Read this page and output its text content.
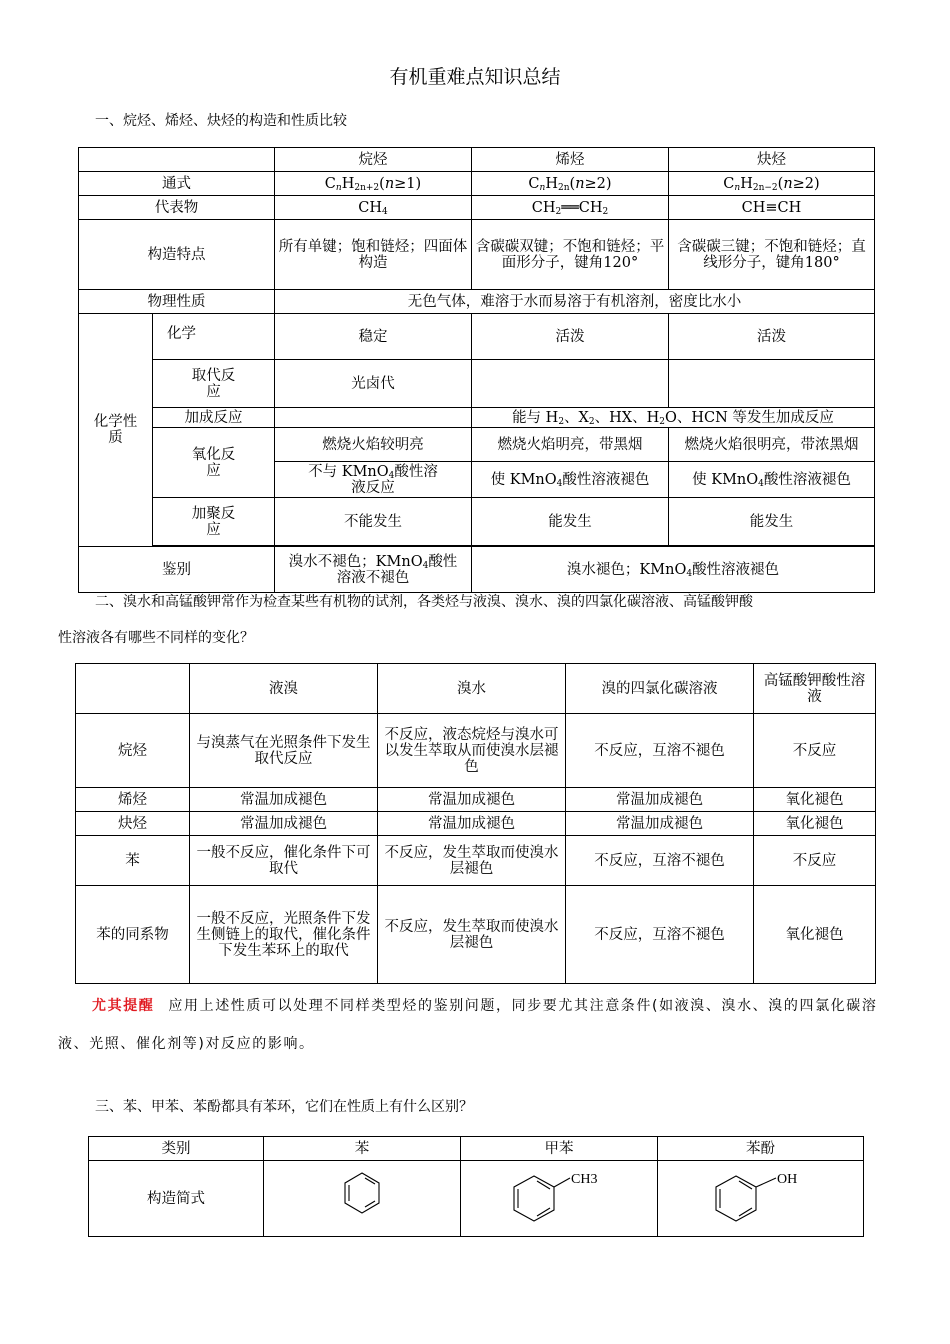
有机重难点知识总结
一、烷烃、烯烃、炔烃的构造和性质比较
		烷烃	烯烃	炔烃
通式		$C_nH_{2n+2}(n\ge 1)$	$C_nH_{2n}(n\ge 2)$	$C_nH_{2n-2}(n\ge 2)$
代表物		$CH_4$	$CH_2══CH_2$	CH≡CH
构造特点		所有单键；饱和链烃；四面体构造	含碳碳双键；不饱和链烃；平面形分子，键角120°	含碳碳三键；不饱和链烃；直线形分子，键角180°
物理性质		无色气体，难溶于水而易溶于有机溶剂，密度比水小		
化学性质	化学	稳定	活泼	活泼
	取代反应	光卤代		
	加成反应		能与 $H_2$、$X_2$、HX、$H_2O$、HCN 等发生加成反应	
	氧化反应	燃烧火焰较明亮	燃烧火焰明亮，带黑烟	燃烧火焰很明亮，带浓黑烟
		不与 KMnO$_4$酸性溶液反应	使 KMnO$_4$酸性溶液褪色	使 KMnO$_4$酸性溶液褪色
	加聚反应	不能发生	能发生	能发生

鉴别		溴水不褪色；KMnO$_4$酸性溶液不褪色	溴水褪色；KMnO$_4$酸性溶液褪色	
二、溴水和高锰酸钾常作为检查某些有机物的试剂，各类烃与液溴、溴水、溴的四氯化碳溶液、高锰酸钾酸
性溶液各有哪些不同样的变化？
	液溴	溴水	溴的四氯化碳溶液	高锰酸钾酸性溶液
烷烃	与溴蒸气在光照条件下发生取代反应	不反应，液态烷烃与溴水可以发生萃取从而使溴水层褪色	不反应，互溶不褪色	不反应
烯烃	常温加成褪色	常温加成褪色	常温加成褪色	氧化褪色
炔烃	常温加成褪色	常温加成褪色	常温加成褪色	氧化褪色
苯	一般不反应，催化条件下可取代	不反应，发生萃取而使溴水层褪色	不反应，互溶不褪色	不反应
苯的同系物	一般不反应，光照条件下发生侧链上的取代，催化条件下发生苯环上的取代	不反应，发生萃取而使溴水层褪色	不反应，互溶不褪色	氧化褪色
尤其提醒 应用上述性质可以处理不同样类型烃的鉴别问题，同步要尤其注意条件(如液溴、溴水、溴的四氯化碳溶液、光照、催化剂等)对反应的影响。
三、苯、甲苯、苯酚都具有苯环，它们在性质上有什么区别？
类别	苯	甲苯	苯酚
构造简式		CH3	OH
